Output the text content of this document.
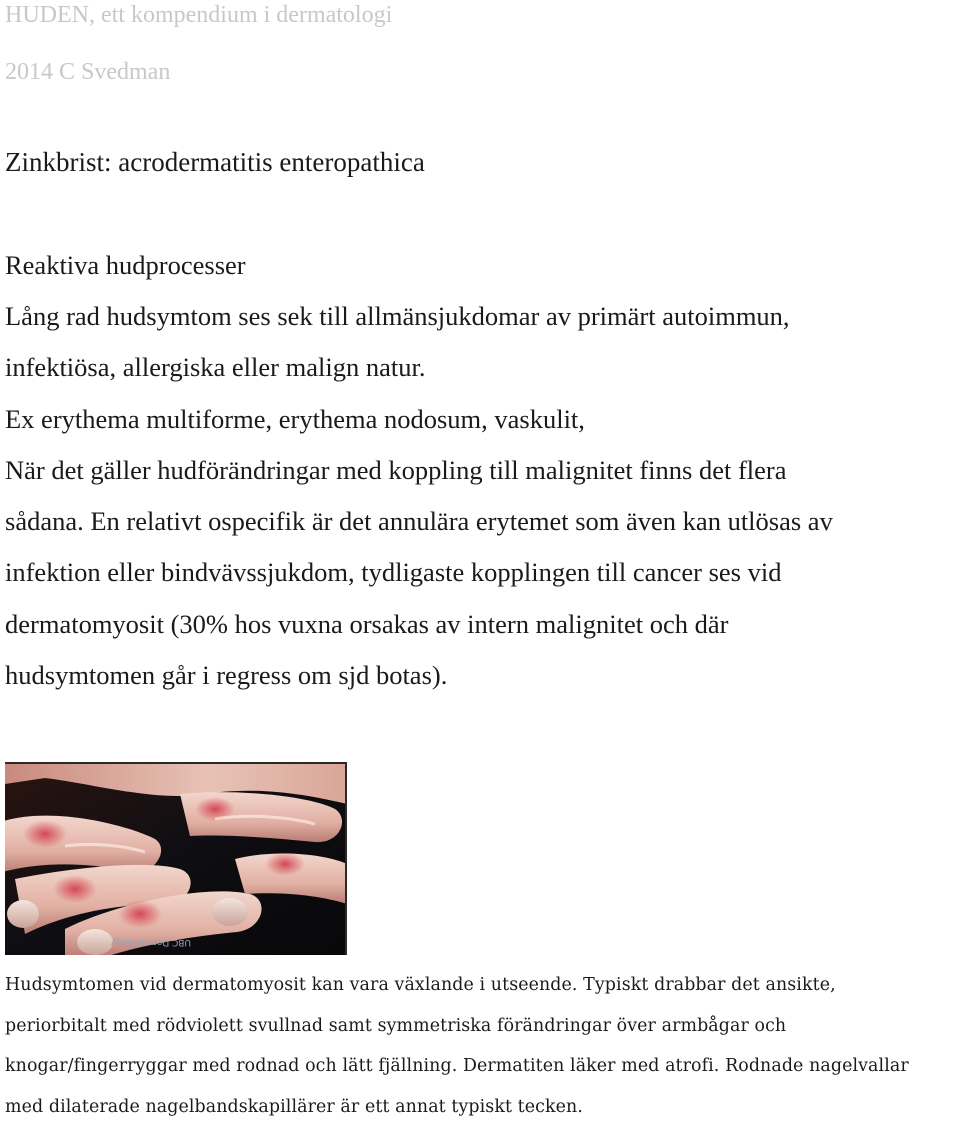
HUDEN, ett kompendium i dermatologi
2014 C Svedman
Zinkbrist: acrodermatitis enteropathica
Reaktiva hudprocesser

Lång rad hudsymtom ses sek till allmänsjukdomar av primärt autoimmun,

infektiösa, allergiska eller malign natur.

Ex erythema multiforme, erythema nodosum, vaskulit,

När det gäller hudförändringar med koppling till malignitet finns det flera

sådana. En relativt ospecifik är det annulära erytemet som även kan utlösas av

infektion eller bindvävssjukdom, tydligaste kopplingen till cancer ses vid

dermatomyosit (30% hos vuxna orsakas av intern malignitet och där

hudsymtomen går i regress om sjd botas).

UBC Dermatology
Hudsymtomen vid dermatomyosit kan vara växlande i utseende. Typiskt drabbar det ansikte,
periorbitalt med rödviolett svullnad samt symmetriska förändringar över armbågar och
knogar/fingerryggar med rodnad och lätt fjällning. Dermatiten läker med atrofi. Rodnade nagelvallar
med dilaterade nagelbandskapillärer är ett annat typiskt tecken.
